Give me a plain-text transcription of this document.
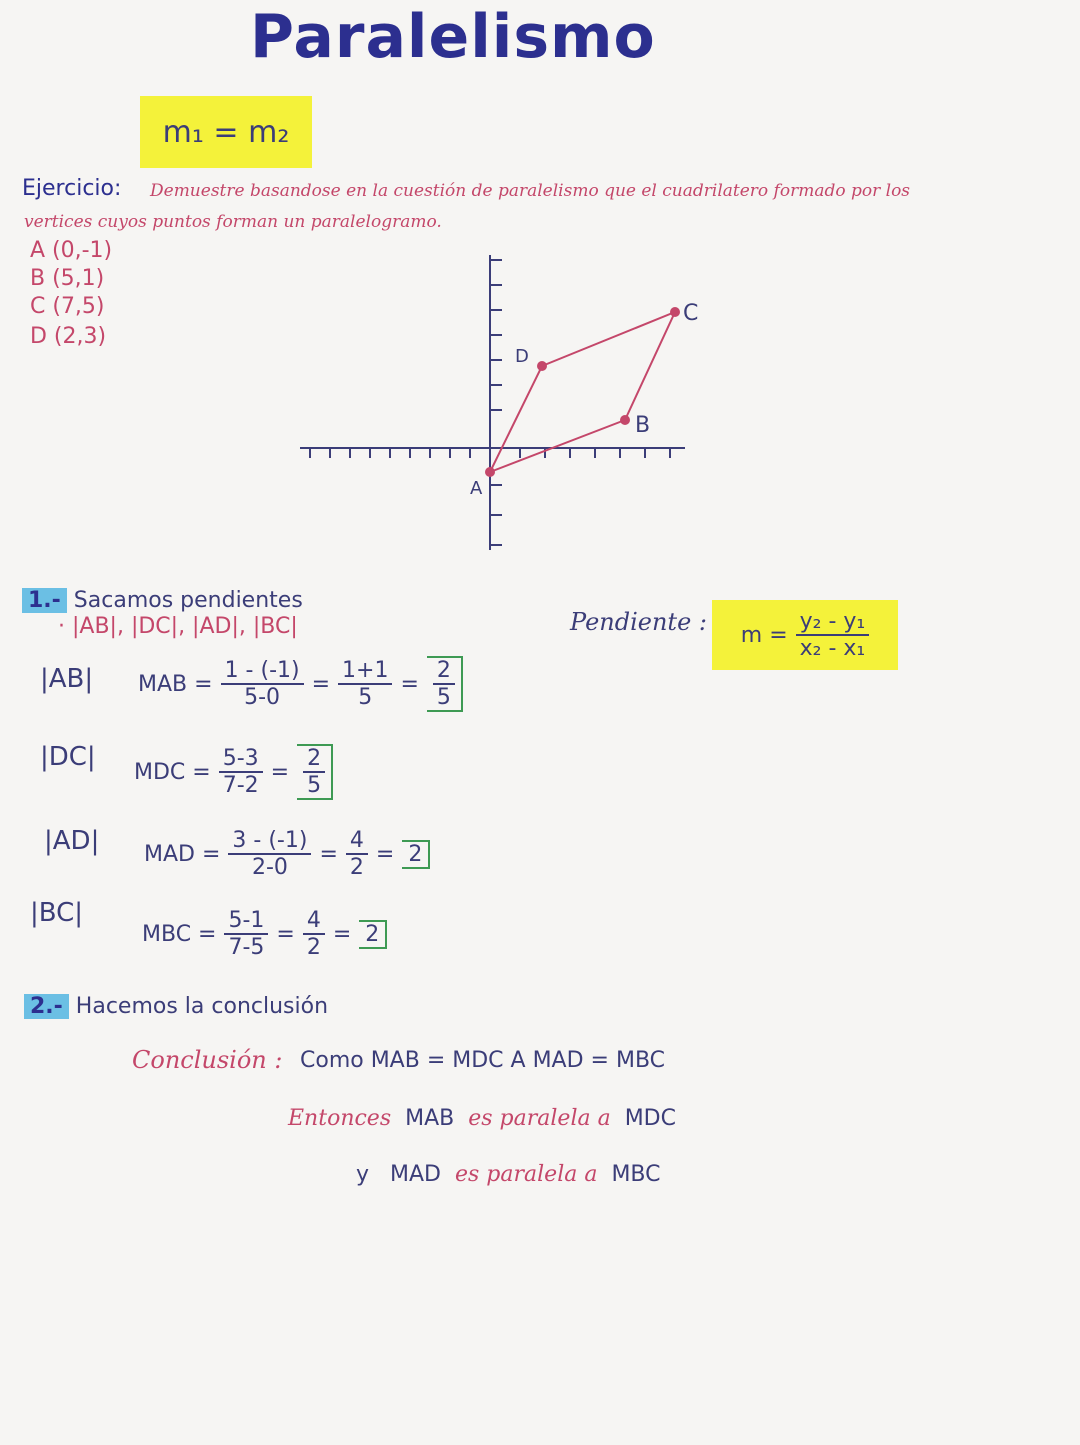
Paralelismo
m₁ = m₂
Ejercicio: Demuestre basandose en la cuestión de paralelismo que el cuadrilatero formado por los
vertices cuyos puntos forman un paralelogramo.
A (0,-1)
B (5,1)
C (7,5)
D (2,3)
A
B
C
D
1.- Sacamos pendientes
· |AB|, |DC|, |AD|, |BC|	Pendiente : $m = \frac{\text{y₂ - y₁}}{\text{x₂ - x₁}}$
|AB| MAB = $\frac{1 - (-1)}{5-0} = \frac{1+1}{5} = \frac{2}{5}$
|DC| MDC = $\frac{5-3}{7-2} = \frac{2}{5}$
|AD| MAD = $\frac{3 - (-1)}{2-0} = \frac{4}{2} = 2$
|BC|
MBC = $\frac{5-1}{7-5} = \frac{4}{2} = 2$
2.- Hacemos la conclusión
Conclusión : Como MAB = MDC A MAD = MBC
Entonces MAB es paralela a MDC
y MAD es paralela a MBC
